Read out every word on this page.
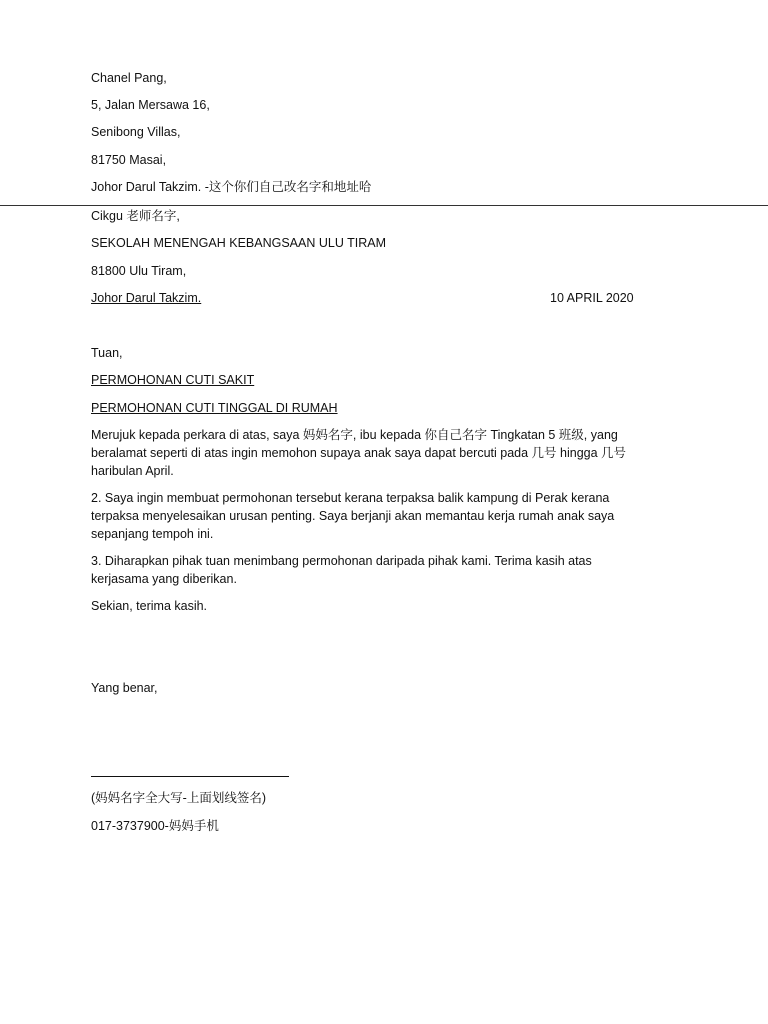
Chanel Pang,
5, Jalan Mersawa 16,
Senibong Villas,
81750 Masai,
Johor Darul Takzim. -这个你们自己改名字和地址哈
Cikgu 老师名字,
SEKOLAH MENENGAH KEBANGSAAN ULU TIRAM
81800 Ulu Tiram,
Johor Darul Takzim.	10 APRIL 2020
Tuan,
PERMOHONAN CUTI SAKIT
PERMOHONAN CUTI TINGGAL DI RUMAH
Merujuk kepada perkara di atas, saya 妈妈名字, ibu kepada 你自己名字 Tingkatan 5 班级, yang beralamat seperti di atas ingin memohon supaya anak saya dapat bercuti pada 几号 hingga 几号 haribulan April.
2. Saya ingin membuat permohonan tersebut kerana terpaksa balik kampung di Perak kerana terpaksa menyelesaikan urusan penting. Saya berjanji akan memantau kerja rumah anak saya sepanjang tempoh ini.
3. Diharapkan pihak tuan menimbang permohonan daripada pihak kami. Terima kasih atas kerjasama yang diberikan.
Sekian, terima kasih.
Yang benar,
(妈妈名字全大写-上面划线签名)
017-3737900-妈妈手机
